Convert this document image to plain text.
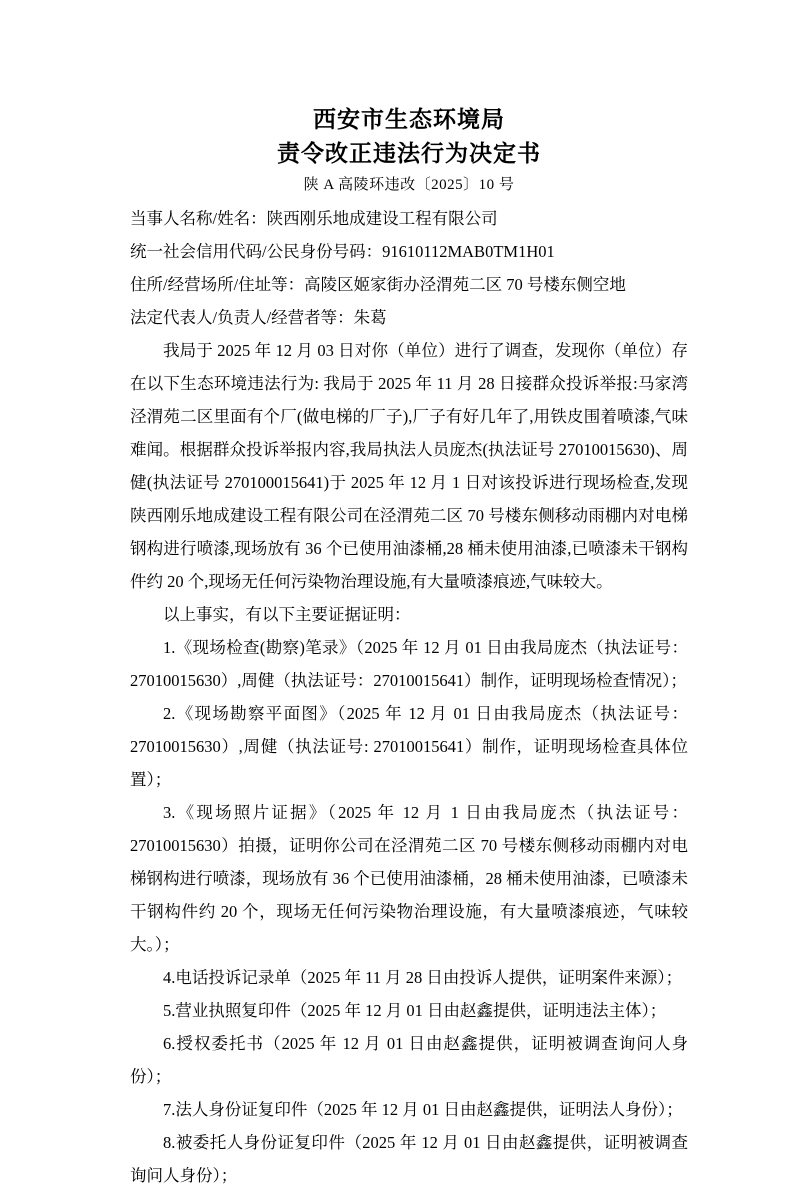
西安市生态环境局
责令改正违法行为决定书
陕 A 高陵环违改〔2025〕10 号

当事人名称/姓名：陕西刚乐地成建设工程有限公司

统一社会信用代码/公民身份号码：91610112MAB0TM1H01

住所/经营场所/住址等：高陵区姬家街办泾渭苑二区 70 号楼东侧空地

法定代表人/负责人/经营者等：朱葛

我局于 2025 年 12 月 03 日对你（单位）进行了调查，发现你（单位）存在以下生态环境违法行为: 我局于 2025 年 11 月 28 日接群众投诉举报:马家湾泾渭苑二区里面有个厂(做电梯的厂子),厂子有好几年了,用铁皮围着喷漆,气味难闻。根据群众投诉举报内容,我局执法人员庞杰(执法证号 27010015630)、周健(执法证号 270100015641)于 2025 年 12 月 1 日对该投诉进行现场检查,发现陕西刚乐地成建设工程有限公司在泾渭苑二区 70 号楼东侧移动雨棚内对电梯钢构进行喷漆,现场放有 36 个已使用油漆桶,28 桶未使用油漆,已喷漆未干钢构件约 20 个,现场无任何污染物治理设施,有大量喷漆痕迹,气味较大。

以上事实，有以下主要证据证明：

1.《现场检查(勘察)笔录》（2025 年 12 月 01 日由我局庞杰（执法证号：27010015630）,周健（执法证号：27010015641）制作，证明现场检查情况）；

2.《现场勘察平面图》（2025 年 12 月 01 日由我局庞杰（执法证号：27010015630）,周健（执法证号: 27010015641）制作，证明现场检查具体位置）；

3.《现场照片证据》（2025 年 12 月 1 日由我局庞杰（执法证号：27010015630）拍摄，证明你公司在泾渭苑二区 70 号楼东侧移动雨棚内对电梯钢构进行喷漆，现场放有 36 个已使用油漆桶，28 桶未使用油漆，已喷漆未干钢构件约 20 个，现场无任何污染物治理设施，有大量喷漆痕迹，气味较大。）；

4.电话投诉记录单（2025 年 11 月 28 日由投诉人提供，证明案件来源）；

5.营业执照复印件（2025 年 12 月 01 日由赵鑫提供，证明违法主体）；

6.授权委托书（2025 年 12 月 01 日由赵鑫提供，证明被调查询问人身份）；

7.法人身份证复印件（2025 年 12 月 01 日由赵鑫提供，证明法人身份）；

8.被委托人身份证复印件（2025 年 12 月 01 日由赵鑫提供，证明被调查询问人身份）；
